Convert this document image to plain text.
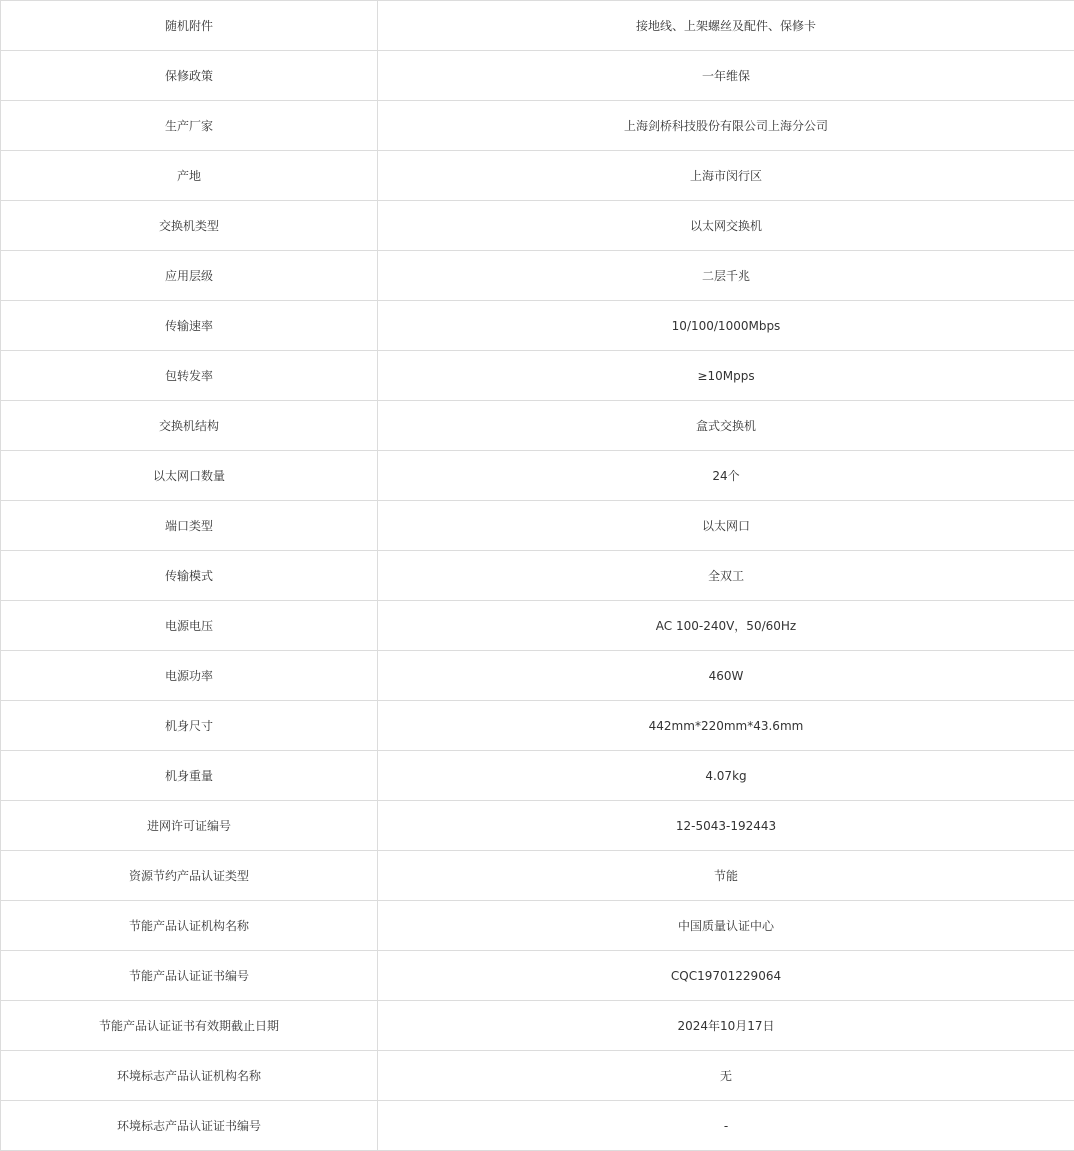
随机附件	接地线、上架螺丝及配件、保修卡
保修政策	一年维保
生产厂家	上海剑桥科技股份有限公司上海分公司
产地	上海市闵行区
交换机类型	以太网交换机
应用层级	二层千兆
传输速率	10/100/1000Mbps
包转发率	≥10Mpps
交换机结构	盒式交换机
以太网口数量	24个
端口类型	以太网口
传输模式	全双工
电源电压	AC 100-240V，50/60Hz
电源功率	460W
机身尺寸	442mm*220mm*43.6mm
机身重量	4.07kg
进网许可证编号	12-5043-192443
资源节约产品认证类型	节能
节能产品认证机构名称	中国质量认证中心
节能产品认证证书编号	CQC19701229064
节能产品认证证书有效期截止日期	2024年10月17日
环境标志产品认证机构名称	无
环境标志产品认证证书编号	-
